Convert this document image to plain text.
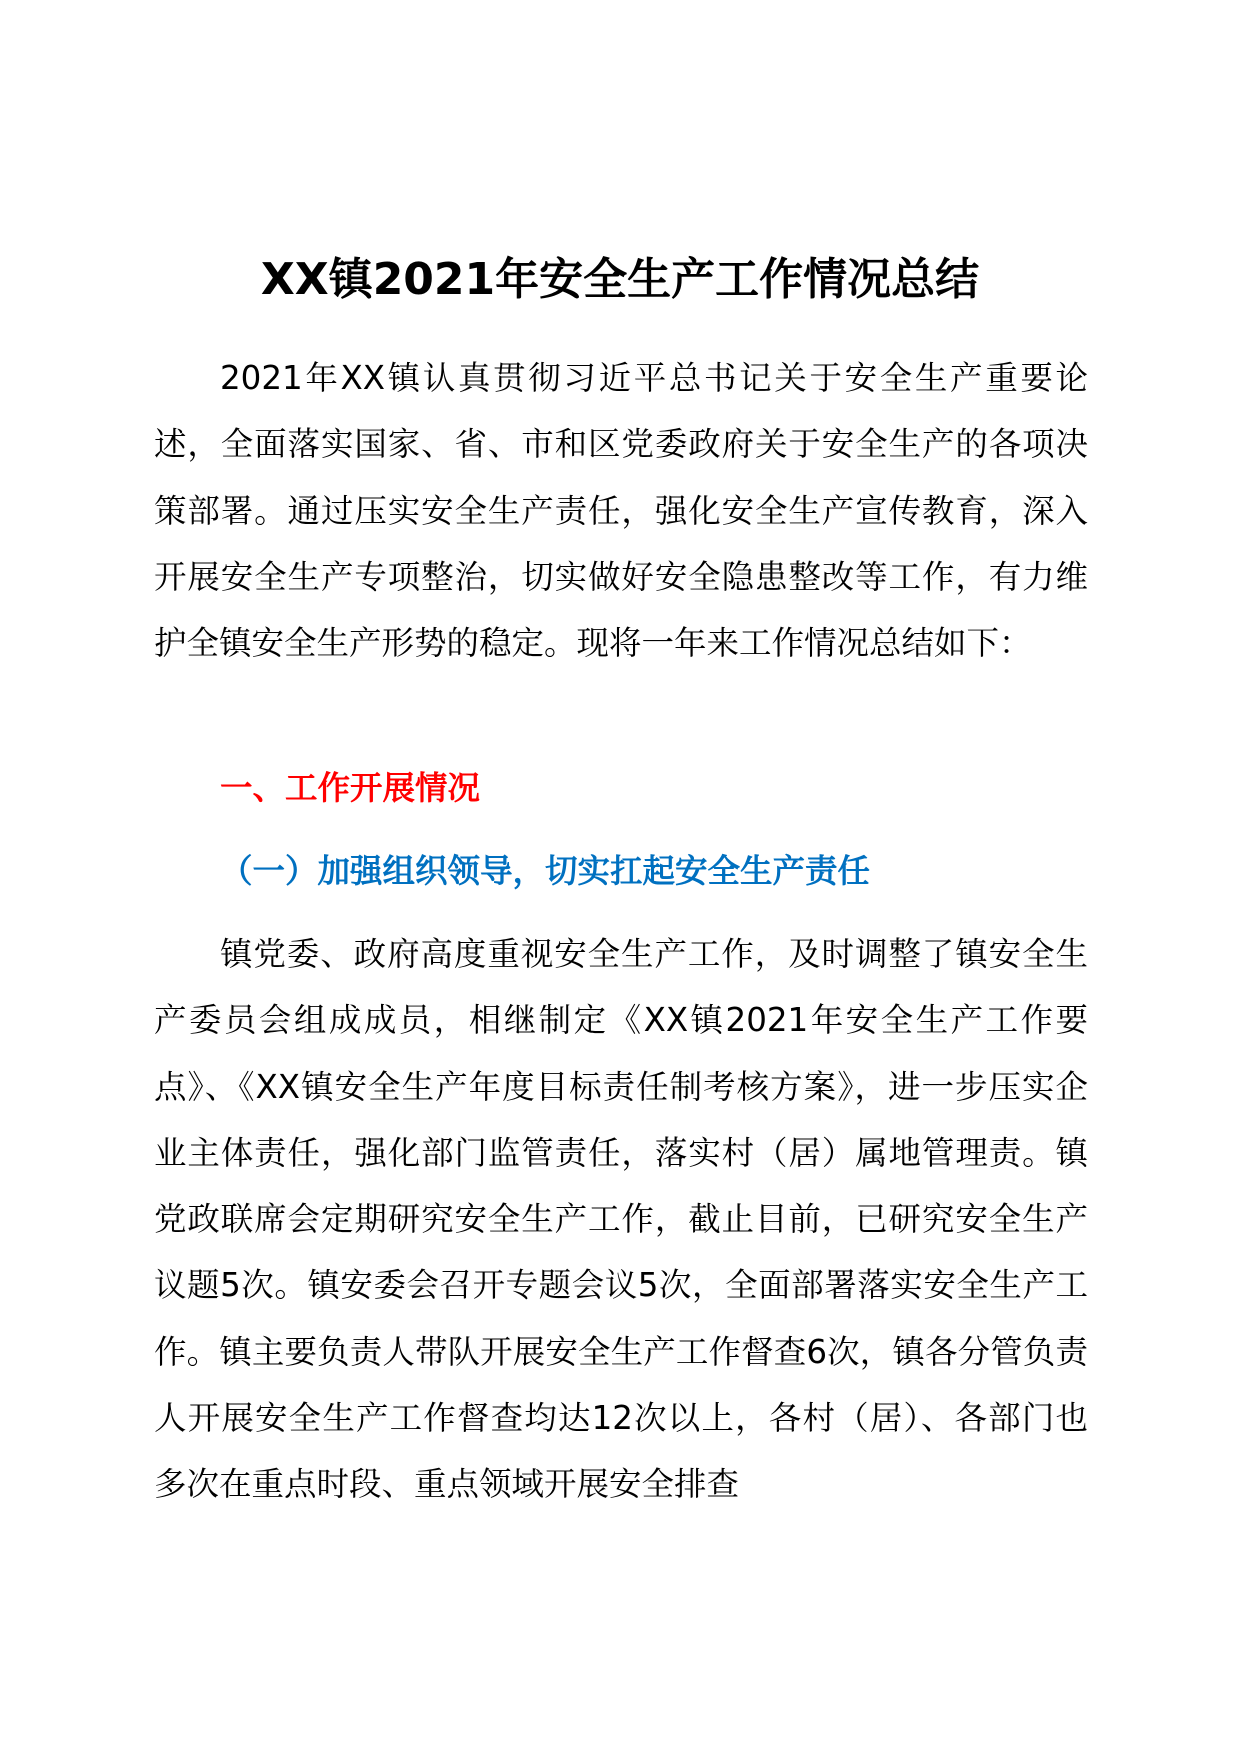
XX镇2021年安全生产工作情况总结

2021年XX镇认真贯彻习近平总书记关于安全生产重要论述，全面落实国家、省、市和区党委政府关于安全生产的各项决策部署。通过压实安全生产责任，强化安全生产宣传教育，深入开展安全生产专项整治，切实做好安全隐患整改等工作，有力维护全镇安全生产形势的稳定。现将一年来工作情况总结如下：

一、工作开展情况
（一）加强组织领导，切实扛起安全生产责任

镇党委、政府高度重视安全生产工作，及时调整了镇安全生产委员会组成成员，相继制定《XX镇2021年安全生产工作要点》、《XX镇安全生产年度目标责任制考核方案》，进一步压实企业主体责任，强化部门监管责任，落实村（居）属地管理责。镇党政联席会定期研究安全生产工作，截止目前，已研究安全生产议题5次。镇安委会召开专题会议5次，全面部署落实安全生产工作。镇主要负责人带队开展安全生产工作督查6次，镇各分管负责人开展安全生产工作督查均达12次以上，各村（居）、各部门也多次在重点时段、重点领域开展安全排查
